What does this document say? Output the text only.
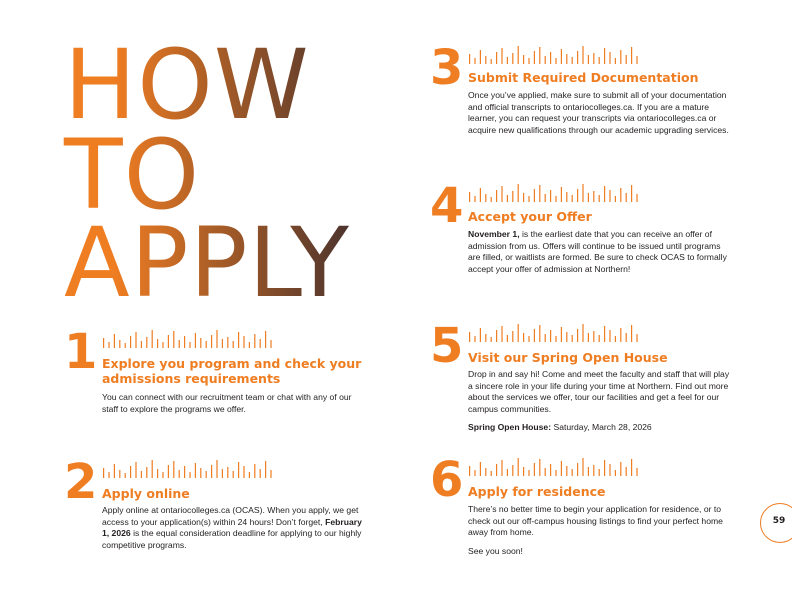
HOW
TO
APPLY
1 Explore you program and check your admissions requirements

You can connect with our recruitment team or chat with any of our staff to explore the programs we offer.

2 Apply online

Apply online at ontariocolleges.ca (OCAS). When you apply, we get access to your application(s) within 24 hours! Don’t forget, February 1, 2026 is the equal consideration deadline for applying to our highly competitive programs.

3 Submit Required Documentation

Once you’ve applied, make sure to submit all of your documentation and official transcripts to ontariocolleges.ca. If you are a mature learner, you can request your transcripts via ontariocolleges.ca or acquire new qualifications through our academic upgrading services.

4 Accept your Offer

November 1, is the earliest date that you can receive an offer of admission from us. Offers will continue to be issued until programs are filled, or waitlists are formed. Be sure to check OCAS to formally accept your offer of admission at Northern!

5 Visit our Spring Open House

Drop in and say hi! Come and meet the faculty and staff that will play a sincere role in your life during your time at Northern. Find out more about the services we offer, tour our facilities and get a feel for our campus communities.
Spring Open House: Saturday, March 28, 2026

6 Apply for residence

There’s no better time to begin your application for residence, or to check out our off-campus housing listings to find your perfect home away from home.
See you soon!

59
